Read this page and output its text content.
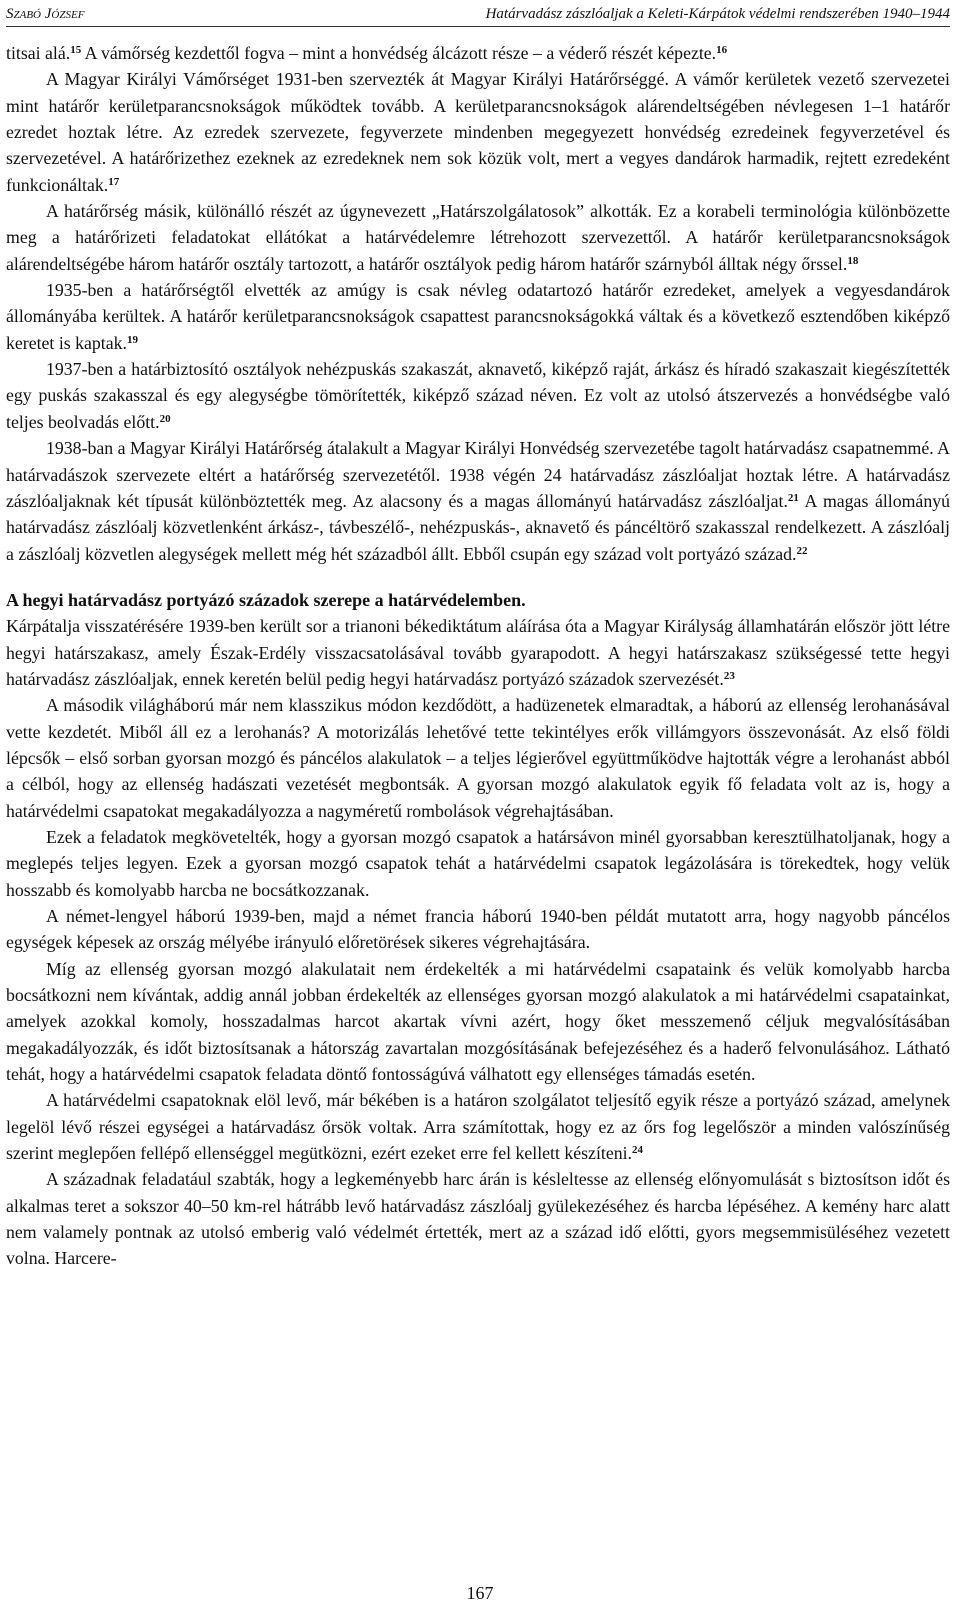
Szabó József	Határvadász zászlóaljak a Keleti-Kárpátok védelmi rendszerében 1940–1944

titsai alá.$^{15}$ A vámőrség kezdettől fogva – mint a honvédség álcázott része – a véderő részét képezte.$^{16}$

A Magyar Királyi Vámőrséget 1931-ben szervezték át Magyar Királyi Határőrséggé. A vámőr kerületek vezető szervezetei mint határőr kerületparancsnokságok működtek tovább. A kerületparancsnokságok alárendeltségében névlegesen 1–1 határőr ezredet hoztak létre. Az ezredek szervezete, fegyverzete mindenben megegyezett honvédség ezredeinek fegyverzetével és szervezetével. A határőrizethez ezeknek az ezredeknek nem sok közük volt, mert a vegyes dandárok harmadik, rejtett ezredeként funkcionáltak.$^{17}$

A határőrség másik, különálló részét az úgynevezett „Határszolgálatosok” alkották. Ez a korabeli terminológia különbözette meg a határőrizeti feladatokat ellátókat a határvédelemre létrehozott szervezettől. A határőr kerületparancsnokságok alárendeltségébe három határőr osztály tartozott, a határőr osztályok pedig három határőr szárnyból álltak négy őrssel.$^{18}$

1935-ben a határőrségtől elvették az amúgy is csak névleg odatartozó határőr ezredeket, amelyek a vegyesdandárok állományába kerültek. A határőr kerületparancsnokságok csapattest parancsnokságokká váltak és a következő esztendőben kiképző keretet is kaptak.$^{19}$

1937-ben a határbiztosító osztályok nehézpuskás szakaszát, aknavető, kiképző raját, árkász és híradó szakaszait kiegészítették egy puskás szakasszal és egy alegységbe tömörítették, kiképző század néven. Ez volt az utolsó átszervezés a honvédségbe való teljes beolvadás előtt.$^{20}$

1938-ban a Magyar Királyi Határőrség átalakult a Magyar Királyi Honvédség szervezetébe tagolt határvadász csapatnemmé. A határvadászok szervezete eltért a határőrség szervezetétől. 1938 végén 24 határvadász zászlóaljat hoztak létre. A határvadász zászlóaljaknak két típusát különböztették meg. Az alacsony és a magas állományú határvadász zászlóaljat.$^{21}$ A magas állományú határvadász zászlóalj közvetlenként árkász-, távbeszélő-, nehézpuskás-, aknavető és páncéltörő szakasszal rendelkezett. A zászlóalj a zászlóalj közvetlen alegységek mellett még hét századból állt. Ebből csupán egy század volt portyázó század.$^{22}$

A hegyi határvadász portyázó századok szerepe a határvédelemben.

Kárpátalja visszatérésére 1939-ben került sor a trianoni békediktátum aláírása óta a Magyar Királyság államhatárán először jött létre hegyi határszakasz, amely Észak-Erdély visszacsatolásával tovább gyarapodott. A hegyi határszakasz szükségessé tette hegyi határvadász zászlóaljak, ennek keretén belül pedig hegyi határvadász portyázó századok szervezését.$^{23}$

A második világháború már nem klasszikus módon kezdődött, a hadüzenetek elmaradtak, a háború az ellenség lerohanásával vette kezdetét. Miből áll ez a lerohanás? A motorizálás lehetővé tette tekintélyes erők villámgyors összevonását. Az első földi lépcsők – első sorban gyorsan mozgó és páncélos alakulatok – a teljes légierővel együttműködve hajtották végre a lerohanást abból a célból, hogy az ellenség hadászati vezetését megbontsák. A gyorsan mozgó alakulatok egyik fő feladata volt az is, hogy a határvédelmi csapatokat megakadályozza a nagyméretű rombolások végrehajtásában.

Ezek a feladatok megkövetelték, hogy a gyorsan mozgó csapatok a határsávon minél gyorsabban keresztülhatoljanak, hogy a meglepés teljes legyen. Ezek a gyorsan mozgó csapatok tehát a határvédelmi csapatok legázolására is törekedtek, hogy velük hosszabb és komolyabb harcba ne bocsátkozzanak.

A német-lengyel háború 1939-ben, majd a német francia háború 1940-ben példát mutatott arra, hogy nagyobb páncélos egységek képesek az ország mélyébe irányuló előretörések sikeres végrehajtására.

Míg az ellenség gyorsan mozgó alakulatait nem érdekelték a mi határvédelmi csapataink és velük komolyabb harcba bocsátkozni nem kívántak, addig annál jobban érdekelték az ellenséges gyorsan mozgó alakulatok a mi határvédelmi csapatainkat, amelyek azokkal komoly, hosszadalmas harcot akartak vívni azért, hogy őket messzemenő céljuk megvalósításában megakadályozzák, és időt biztosítsanak a hátország zavartalan mozgósításának befejezéséhez és a haderő felvonulásához. Látható tehát, hogy a határvédelmi csapatok feladata döntő fontosságúvá válhatott egy ellenséges támadás esetén.

A határvédelmi csapatoknak elöl levő, már békében is a határon szolgálatot teljesítő egyik része a portyázó század, amelynek legelöl lévő részei egységei a határvadász őrsök voltak. Arra számítottak, hogy ez az őrs fog legelőször a minden valószínűség szerint meglepően fellépő ellenséggel megütközni, ezért ezeket erre fel kellett készíteni.$^{24}$

A századnak feladatául szabták, hogy a legkeményebb harc árán is késleltesse az ellenség előnyomulását s biztosítson időt és alkalmas teret a sokszor 40–50 km-rel hátrább levő határvadász zászlóalj gyülekezéséhez és harcba lépéséhez. A kemény harc alatt nem valamely pontnak az utolsó emberig való védelmét értették, mert az a század idő előtti, gyors megsemmisüléséhez vezetett volna. Harcere-

167
